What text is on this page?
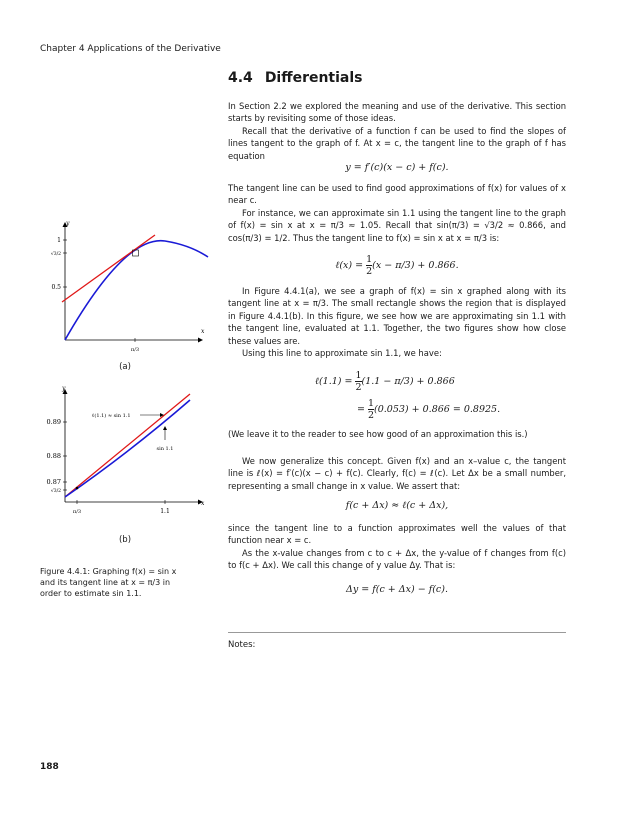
Chapter 4 Applications of the Derivative
4.4 Differentials

In Section 2.2 we explored the meaning and use of the derivative. This section starts by revisiting some of those ideas.

Recall that the derivative of a function f can be used to find the slopes of lines tangent to the graph of f. At x = c, the tangent line to the graph of f has equation

y = f′(c)(x − c) + f(c).

The tangent line can be used to find good approximations of f(x) for values of x near c.

For instance, we can approximate sin 1.1 using the tangent line to the graph of f(x) = sin x at x = π/3 ≈ 1.05. Recall that sin(π/3) = √3/2 ≈ 0.866, and cos(π/3) = 1/2. Thus the tangent line to f(x) = sin x at x = π/3 is:

ℓ(x) = $\frac{1}{2} (x - \pi/3) + 0.866$.

In Figure 4.4.1(a), we see a graph of f(x) = sin x graphed along with its tangent line at x = π/3. The small rectangle shows the region that is displayed in Figure 4.4.1(b). In this figure, we see how we are approximating sin 1.1 with the tangent line, evaluated at 1.1. Together, the two figures show how close these values are.

Using this line to approximate sin 1.1, we have:

ℓ(1.1) = $\frac{1}{2} (1.1 - \pi/3) + 0.866$
= $\frac{1}{2} (0.053) + 0.866 = 0.8925$.
(We leave it to the reader to see how good of an approximation this is.)

We now generalize this concept. Given f(x) and an x–value c, the tangent line is ℓ(x) = f′(c)(x − c) + f(c). Clearly, f(c) = ℓ(c). Let Δx be a small number, representing a small change in x value. We assert that:

f(c + Δx) ≈ ℓ(c + Δx),

since the tangent line to a function approximates well the values of that function near x = c.

As the x-value changes from c to c + Δx, the y-value of f changes from f(c) to f(c + Δx). We call this change of y value Δy. That is:

Δy = f(c + Δx) − f(c).
Notes:
y
x
1
√3/2
0.5
π/3
(a)
y
x
0.89
0.88
0.87
√3/2
π/3	1.1
ℓ(1.1) ≈ sin 1.1
sin 1.1
(b)
Figure 4.4.1: Graphing f(x) = sin x and its tangent line at x = π/3 in order to estimate sin 1.1.
188
